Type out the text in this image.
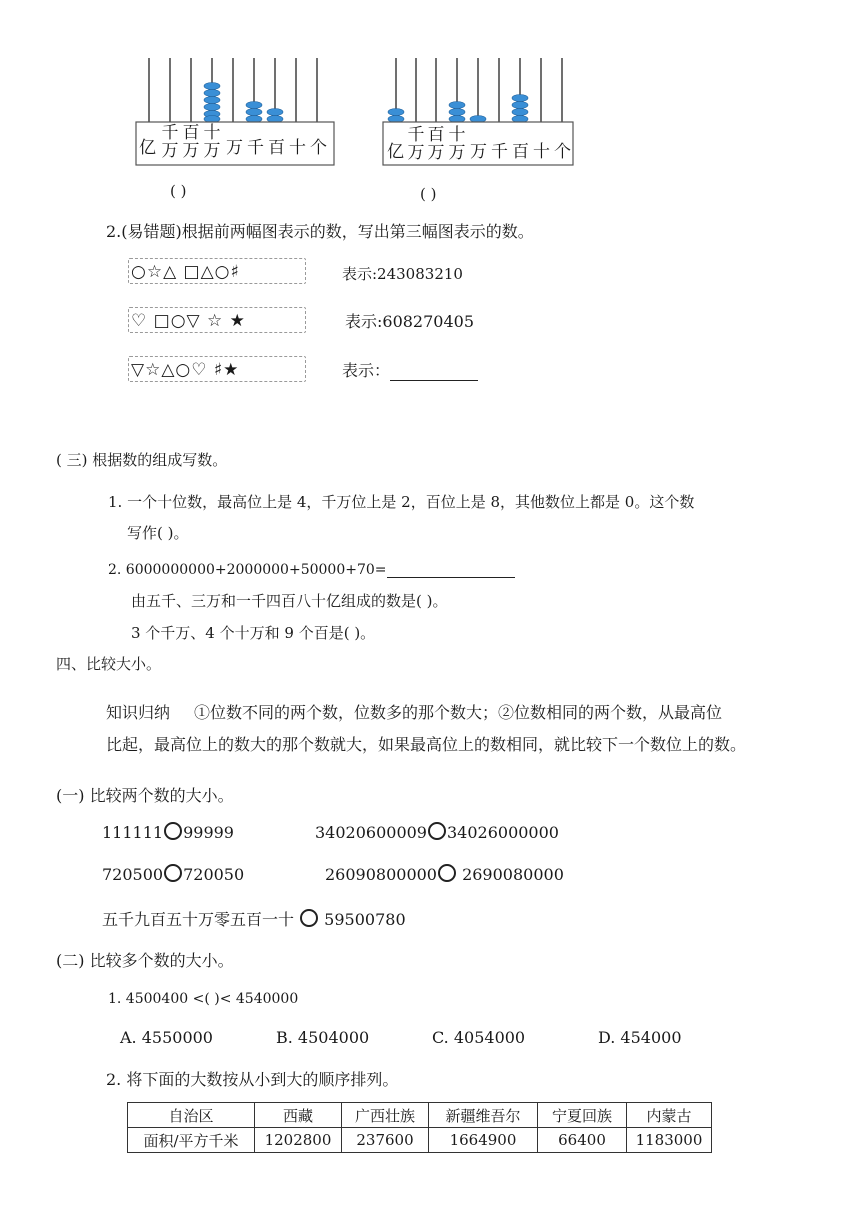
亿
千
万
百
万
十
万 万千百十个	亿
千
万
百
万
十
万 万千百十个
( )	( )
2.(易错题)根据前两幅图表示的数，写出第三幅图表示的数。
○☆△ □△○♯	表示:243083210
♡ □○▽ ☆ ★	表示:608270405
▽☆△○♡ ♯★	表示：
( 三) 根据数的组成写数。
1. 一个十位数，最高位上是 4，千万位上是 2，百位上是 8，其他数位上都是 0。这个数
写作( )。
2. 6000000000+2000000+50000+70=
由五千、三万和一千四百八十亿组成的数是( )。
3 个千万、4 个十万和 9 个百是( )。
四、比较大小。
知识归纳 ①位数不同的两个数，位数多的那个数大；②位数相同的两个数，从最高位
比起，最高位上的数大的那个数就大，如果最高位上的数相同，就比较下一个数位上的数。
(一) 比较两个数的大小。
111111 99999	34020600009 34026000000
720500 720050	26090800000 2690080000
五千九百五十万零五百一十  59500780
(二) 比较多个数的大小。
1. 4500400 <( )< 4540000
A. 4550000	B. 4504000	C. 4054000	D. 454000
2. 将下面的大数按从小到大的顺序排列。
自治区	西藏	广西壮族	新疆维吾尔	宁夏回族	内蒙古
面积/平方千米	1202800	237600	1664900	66400	1183000
